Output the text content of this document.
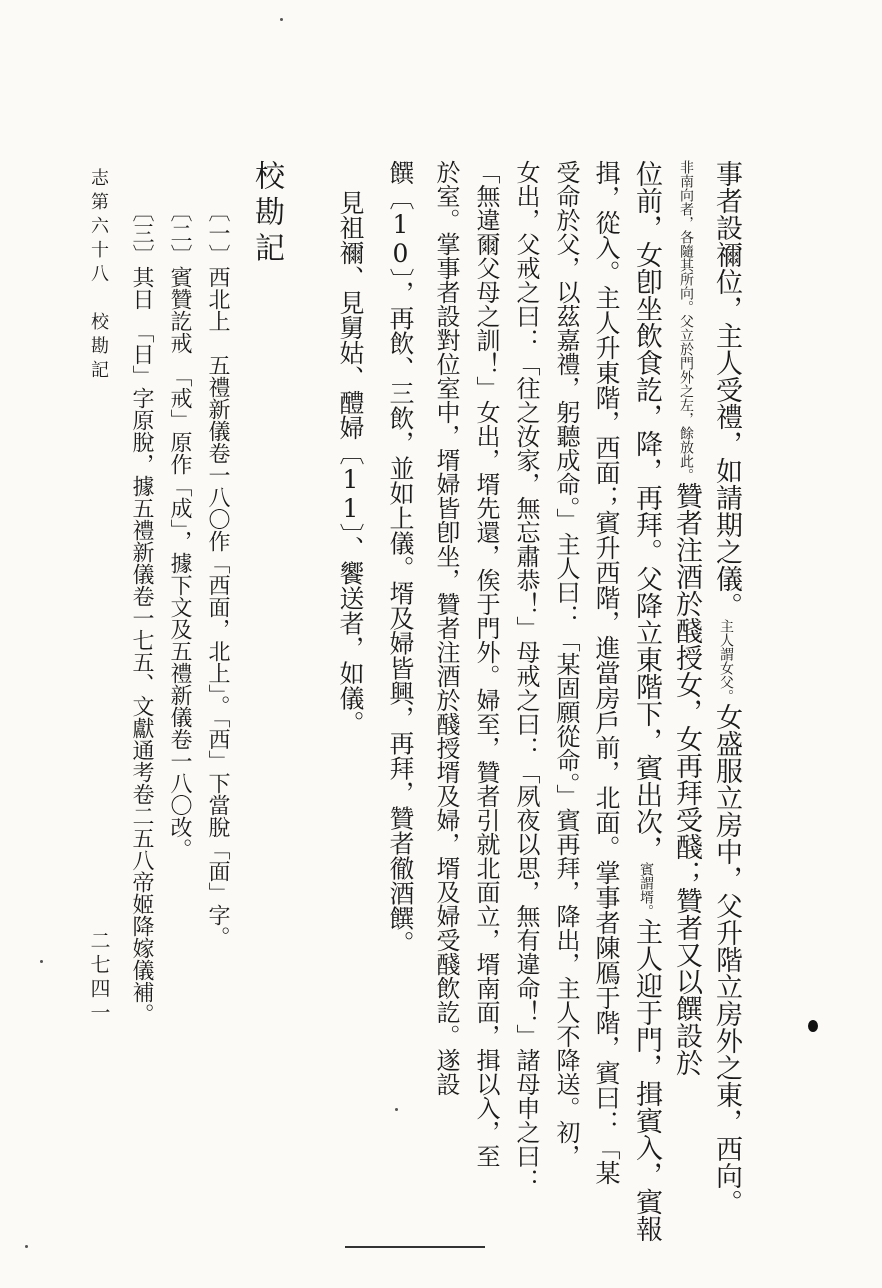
事者設禰位，主人受禮，如請期之儀。主人謂女父。女盛服立房中，父升階立房外之東，西向。
非南向者，各隨其所向。父立於門外之左，餘放此。贊者注酒於醆授女，女再拜受醆；贊者又以饌設於
位前，女卽坐飲食訖，降，再拜。父降立東階下，賓出次，賓謂壻。主人迎于門，揖賓入，賓報
揖，從入。主人升東階，西面；賓升西階，進當房戶前，北面。掌事者陳鴈于階，賓曰：「某
受命於父，以茲嘉禮，躬聽成命。」主人曰：「某固願從命。」賓再拜，降出，主人不降送。初，
女出，父戒之曰：「往之汝家，無忘肅恭！」母戒之曰：「夙夜以思，無有違命！」諸母申之曰：
「無違爾父母之訓！」女出，壻先還，俟于門外。婦至，贊者引就北面立，壻南面，揖以入，至
於室。掌事者設對位室中，壻婦皆卽坐，贊者注酒於醆授壻及婦，壻及婦受醆飲訖。遂設
饌〔10〕，再飲、三飲，並如上儀。壻及婦皆興，再拜，贊者徹酒饌。
見祖禰、見舅姑、醴婦〔11〕、饗送者，如儀。
校勘記
〔一〕西北上　五禮新儀卷一八〇作「西面，北上」。「西」下當脫「面」字。
〔二〕賓贊訖戒　「戒」原作「成」，據下文及五禮新儀卷一八〇改。
〔三〕其日　「日」字原脫，據五禮新儀卷一七五、文獻通考卷二五八帝姬降嫁儀補。
志第六十八　校勘記
二七四一
